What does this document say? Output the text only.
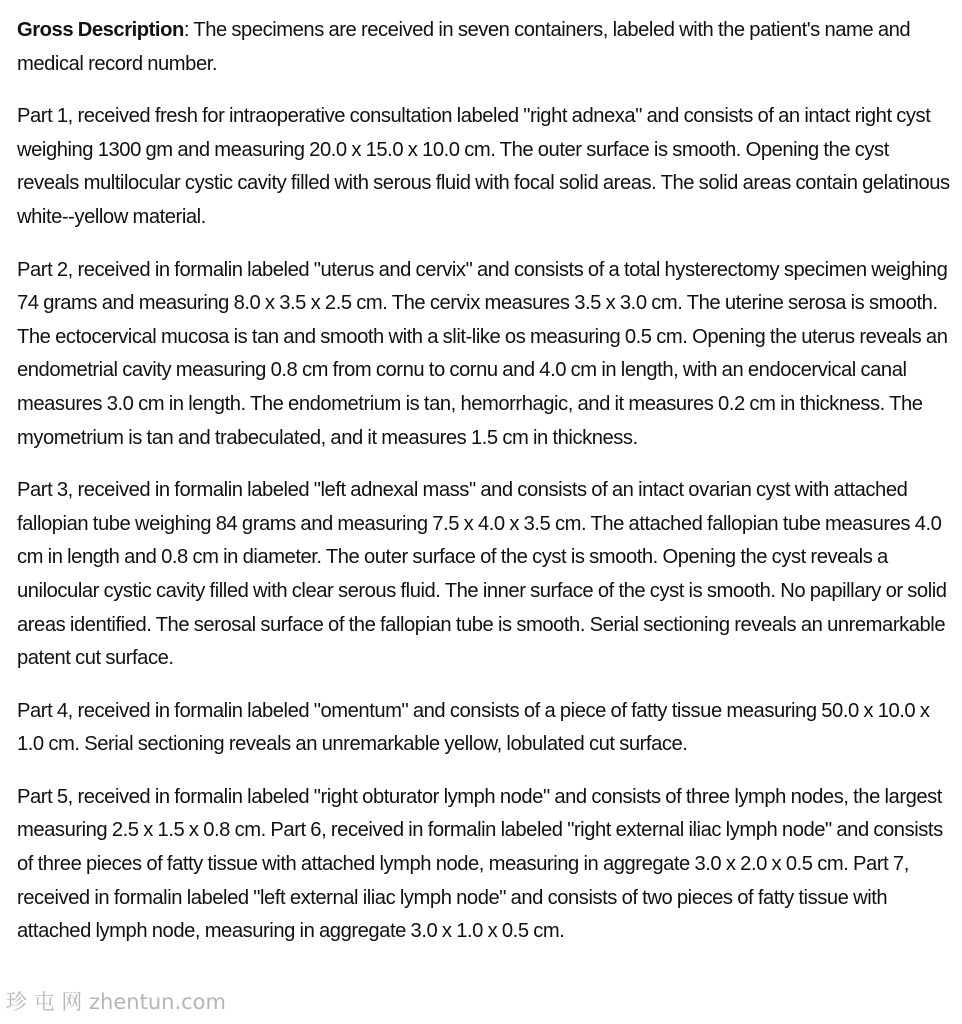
Gross Description: The specimens are received in seven containers, labeled with the patient's name and medical record number.

Part 1, received fresh for intraoperative consultation labeled "right adnexa" and consists of an intact right cyst weighing 1300 gm and measuring 20.0 x 15.0 x 10.0 cm. The outer surface is smooth. Opening the cyst reveals multilocular cystic cavity filled with serous fluid with focal solid areas. The solid areas contain gelatinous white--yellow material.

Part 2, received in formalin labeled "uterus and cervix" and consists of a total hysterectomy specimen weighing 74 grams and measuring 8.0 x 3.5 x 2.5 cm. The cervix measures 3.5 x 3.0 cm. The uterine serosa is smooth. The ectocervical mucosa is tan and smooth with a slit-like os measuring 0.5 cm. Opening the uterus reveals an endometrial cavity measuring 0.8 cm from cornu to cornu and 4.0 cm in length, with an endocervical canal measures 3.0 cm in length. The endometrium is tan, hemorrhagic, and it measures 0.2 cm in thickness. The myometrium is tan and trabeculated, and it measures 1.5 cm in thickness.

Part 3, received in formalin labeled "left adnexal mass" and consists of an intact ovarian cyst with attached fallopian tube weighing 84 grams and measuring 7.5 x 4.0 x 3.5 cm. The attached fallopian tube measures 4.0 cm in length and 0.8 cm in diameter. The outer surface of the cyst is smooth. Opening the cyst reveals a unilocular cystic cavity filled with clear serous fluid. The inner surface of the cyst is smooth. No papillary or solid areas identified. The serosal surface of the fallopian tube is smooth. Serial sectioning reveals an unremarkable patent cut surface.

Part 4, received in formalin labeled "omentum" and consists of a piece of fatty tissue measuring 50.0 x 10.0 x 1.0 cm. Serial sectioning reveals an unremarkable yellow, lobulated cut surface.

Part 5, received in formalin labeled "right obturator lymph node" and consists of three lymph nodes, the largest measuring 2.5 x 1.5 x 0.8 cm. Part 6, received in formalin labeled "right external iliac lymph node" and consists of three pieces of fatty tissue with attached lymph node, measuring in aggregate 3.0 x 2.0 x 0.5 cm. Part 7, received in formalin labeled "left external iliac lymph node" and consists of two pieces of fatty tissue with attached lymph node, measuring in aggregate 3.0 x 1.0 x 0.5 cm.

珍 屯 网 zhentun.com
